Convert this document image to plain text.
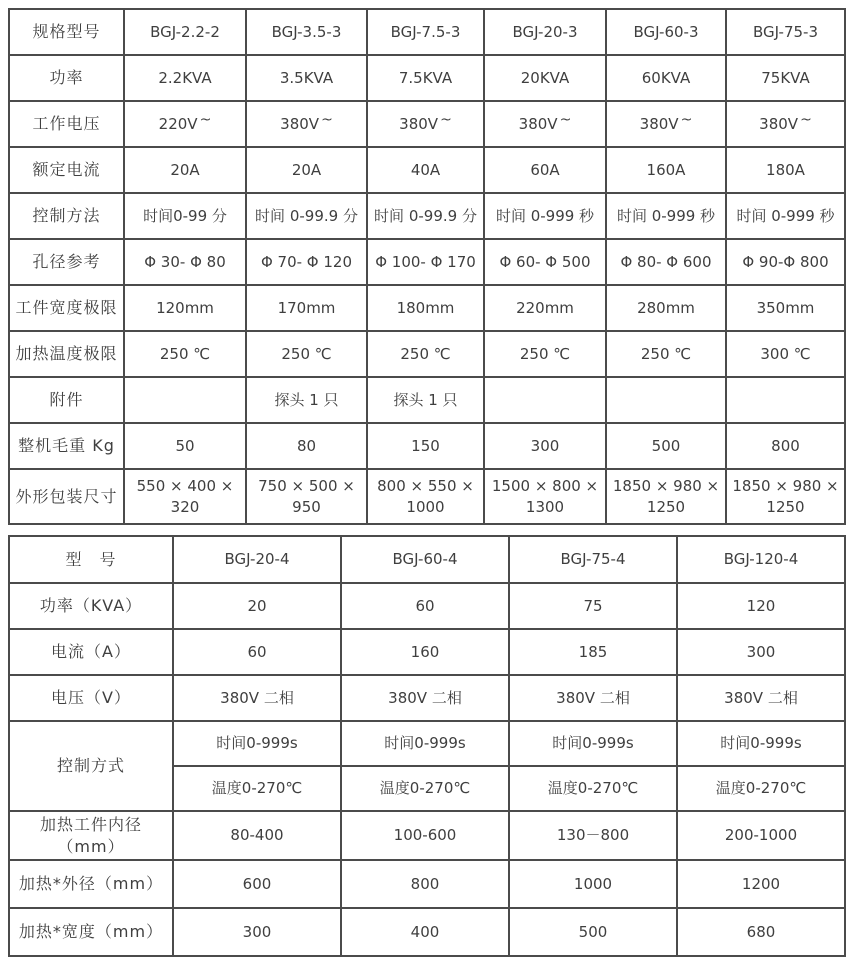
规格型号	BGJ-2.2-2	BGJ-3.5-3	BGJ-7.5-3	BGJ-20-3	BGJ-60-3	BGJ-75-3
功率	2.2KVA	3.5KVA	7.5KVA	20KVA	60KVA	75KVA
工作电压	220V ~	380V ~	380V ~	380V ~	380V ~	380V ~
额定电流	20A	20A	40A	60A	160A	180A
控制方法	时间0-99 分	时间 0-99.9 分	时间 0-99.9 分	时间 0-999 秒	时间 0-999 秒	时间 0-999 秒
孔径参考	Φ 30- Φ 80	Φ 70- Φ 120	Φ 100- Φ 170	Φ 60- Φ 500	Φ 80- Φ 600	Φ 90-Φ 800
工件宽度极限	120mm	170mm	180mm	220mm	280mm	350mm
加热温度极限	250 ℃	250 ℃	250 ℃	250 ℃	250 ℃	300 ℃
附件		探头 1 只	探头 1 只			
整机毛重 Kg	50	80	150	300	500	800
外形包装尺寸	550 × 400 × 320	750 × 500 × 950	800 × 550 × 1000	1500 × 800 × 1300	1850 × 980 × 1250	1850 × 980 × 1250
型　号	BGJ-20-4	BGJ-60-4	BGJ-75-4	BGJ-120-4
功率（KVA）	20	60	75	120
电流（A）	60	160	185	300
电压（V）	380V 二相	380V 二相	380V 二相	380V 二相
控制方式	时间0-999s	时间0-999s	时间0-999s	时间0-999s
	温度0-270℃	温度0-270℃	温度0-270℃	温度0-270℃
加热工件内径（mm）	80-400	100-600	130－800	200-1000
加热*外径（mm）	600	800	1000	1200
加热*宽度（mm）	300	400	500	680
